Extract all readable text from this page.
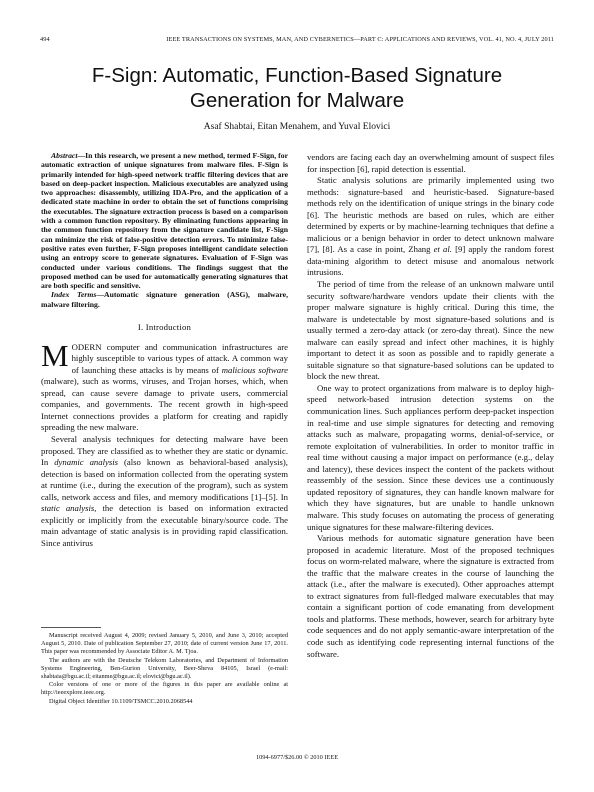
494	IEEE TRANSACTIONS ON SYSTEMS, MAN, AND CYBERNETICS—PART C: APPLICATIONS AND REVIEWS, VOL. 41, NO. 4, JULY 2011
F-Sign: Automatic, Function-Based Signature
Generation for Malware
Asaf Shabtai, Eitan Menahem, and Yuval Elovici

Abstract—In this research, we present a new method, termed F-Sign, for automatic extraction of unique signatures from malware files. F-Sign is primarily intended for high-speed network traffic filtering devices that are based on deep-packet inspection. Malicious executables are analyzed using two approaches: disassembly, utilizing IDA-Pro, and the application of a dedicated state machine in order to obtain the set of functions comprising the executables. The signature extraction process is based on a comparison with a common function repository. By eliminating functions appearing in the common function repository from the signature candidate list, F-Sign can minimize the risk of false-positive detection errors. To minimize false-positive rates even further, F-Sign proposes intelligent candidate selection using an entropy score to generate signatures. Evaluation of F-Sign was conducted under various conditions. The findings suggest that the proposed method can be used for automatically generating signatures that are both specific and sensitive.

Index Terms—Automatic signature generation (ASG), malware, malware filtering.

I. Introduction

MODERN computer and communication infrastructures are highly susceptible to various types of attack. A common way of launching these attacks is by means of malicious software (malware), such as worms, viruses, and Trojan horses, which, when spread, can cause severe damage to private users, commercial companies, and governments. The recent growth in high-speed Internet connections provides a platform for creating and rapidly spreading the new malware.

Several analysis techniques for detecting malware have been proposed. They are classified as to whether they are static or dynamic. In dynamic analysis (also known as behavioral-based analysis), detection is based on information collected from the operating system at runtime (i.e., during the execution of the program), such as system calls, network access and files, and memory modifications [1]–[5]. In static analysis, the detection is based on information extracted explicitly or implicitly from the executable binary/source code. The main advantage of static analysis is in providing rapid classification. Since antivirus

Manuscript received August 4, 2009; revised January 5, 2010, and June 3, 2010; accepted August 5, 2010. Date of publication September 27, 2010; date of current version June 17, 2011. This paper was recommended by Associate Editor A. M. Tjoa.

The authors are with the Deutsche Telekom Laboratories, and Department of Information Systems Engineering, Ben-Gurion University, Beer-Sheva 84105, Israel (e-mail: shabtaia@bgu.ac.il; eitanme@bgu.ac.il; elovici@bgu.ac.il).

Color versions of one or more of the figures in this paper are available online at http://ieeexplore.ieee.org.

Digital Object Identifier 10.1109/TSMCC.2010.2068544

vendors are facing each day an overwhelming amount of suspect files for inspection [6], rapid detection is essential.

Static analysis solutions are primarily implemented using two methods: signature-based and heuristic-based. Signature-based methods rely on the identification of unique strings in the binary code [6]. The heuristic methods are based on rules, which are either determined by experts or by machine-learning techniques that define a malicious or a benign behavior in order to detect unknown malware [7], [8]. As a case in point, Zhang et al. [9] apply the random forest data-mining algorithm to detect misuse and anomalous network intrusions.

The period of time from the release of an unknown malware until security software/hardware vendors update their clients with the proper malware signature is highly critical. During this time, the malware is undetectable by most signature-based solutions and is usually termed a zero-day attack (or zero-day threat). Since the new malware can easily spread and infect other machines, it is highly important to detect it as soon as possible and to rapidly generate a suitable signature so that signature-based solutions can be updated to block the new threat.

One way to protect organizations from malware is to deploy high-speed network-based intrusion detection systems on the communication lines. Such appliances perform deep-packet inspection in real-time and use simple signatures for detecting and removing attacks such as malware, propagating worms, denial-of-service, or remote exploitation of vulnerabilities. In order to monitor traffic in real time without causing a major impact on performance (e.g., delay and latency), these devices inspect the content of the packets without reassembly of the session. Since these devices use a continuously updated repository of signatures, they can handle known malware for which they have signatures, but are unable to handle unknown malware. This study focuses on automating the process of generating unique signatures for these malware-filtering devices.

Various methods for automatic signature generation have been proposed in academic literature. Most of the proposed techniques focus on worm-related malware, where the signature is extracted from the traffic that the malware creates in the course of launching the attack (i.e., after the malware is executed). Other approaches attempt to extract signatures from full-fledged malware executables that may contain a significant portion of code emanating from development tools and platforms. These methods, however, search for arbitrary byte code sequences and do not apply semantic-aware interpretation of the code such as identifying code representing internal functions of the software.

1094-6977/$26.00 © 2010 IEEE
